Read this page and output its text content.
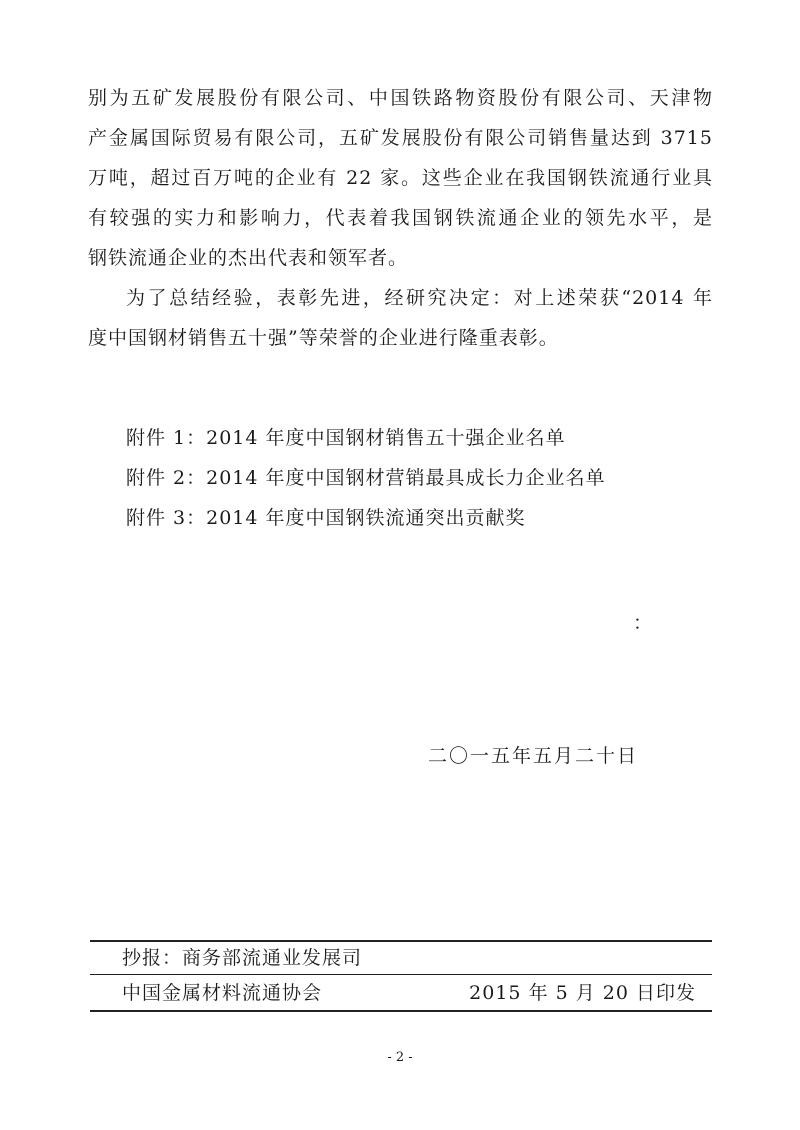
别为五矿发展股份有限公司、中国铁路物资股份有限公司、天津物
产金属国际贸易有限公司，五矿发展股份有限公司销售量达到 3715
万吨，超过百万吨的企业有 22 家。这些企业在我国钢铁流通行业具
有较强的实力和影响力，代表着我国钢铁流通企业的领先水平，是
钢铁流通企业的杰出代表和领军者。
为了总结经验，表彰先进，经研究决定：对上述荣获“2014 年
度中国钢材销售五十强”等荣誉的企业进行隆重表彰。
附件 1：2014 年度中国钢材销售五十强企业名单
附件 2：2014 年度中国钢材营销最具成长力企业名单
附件 3：2014 年度中国钢铁流通突出贡献奖
：
二〇一五年五月二十日
抄报：商务部流通业发展司
中国金属材料流通协会	2015 年 5 月 20 日印发
- 2 -
